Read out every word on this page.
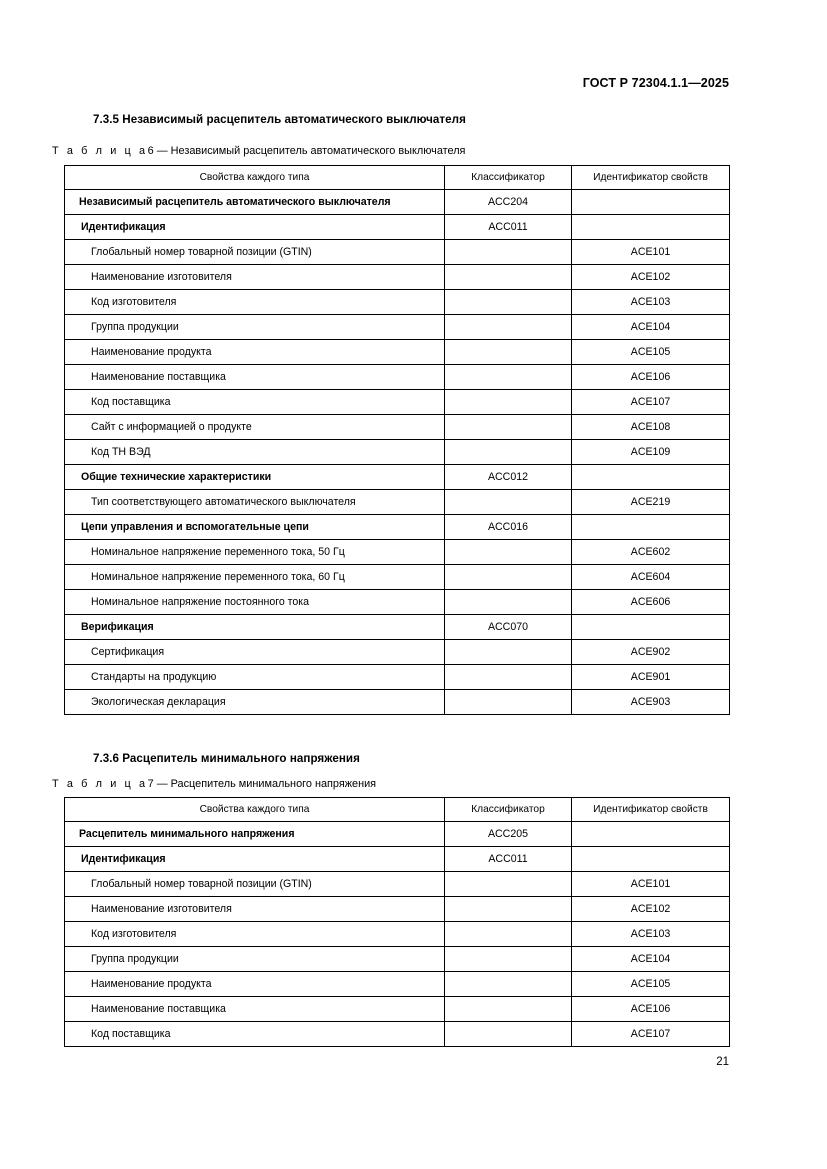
ГОСТ Р 72304.1.1—2025
7.3.5 Независимый расцепитель автоматического выключателя
Т а б л и ц а6 — Независимый расцепитель автоматического выключателя
Свойства каждого типа	Классификатор	Идентификатор свойств
Независимый расцепитель автоматического выключателя	ACC204	
Идентификация	ACC011	
Глобальный номер товарной позиции (GTIN)		ACE101
Наименование изготовителя		ACE102
Код изготовителя		ACE103
Группа продукции		ACE104
Наименование продукта		ACE105
Наименование поставщика		ACE106
Код поставщика		ACE107
Сайт с информацией о продукте		ACE108
Код ТН ВЭД		ACE109
Общие технические характеристики	ACC012	
Тип соответствующего автоматического выключателя		ACE219
Цепи управления и вспомогательные цепи	ACC016	
Номинальное напряжение переменного тока, 50 Гц		ACE602
Номинальное напряжение переменного тока, 60 Гц		ACE604
Номинальное напряжение постоянного тока		ACE606
Верификация	ACC070	
Сертификация		ACE902
Стандарты на продукцию		ACE901
Экологическая декларация		ACE903
7.3.6 Расцепитель минимального напряжения
Т а б л и ц а7 — Расцепитель минимального напряжения
Свойства каждого типа	Классификатор	Идентификатор свойств
Расцепитель минимального напряжения	ACC205	
Идентификация	ACC011	
Глобальный номер товарной позиции (GTIN)		ACE101
Наименование изготовителя		ACE102
Код изготовителя		ACE103
Группа продукции		ACE104
Наименование продукта		ACE105
Наименование поставщика		ACE106
Код поставщика		ACE107
21
